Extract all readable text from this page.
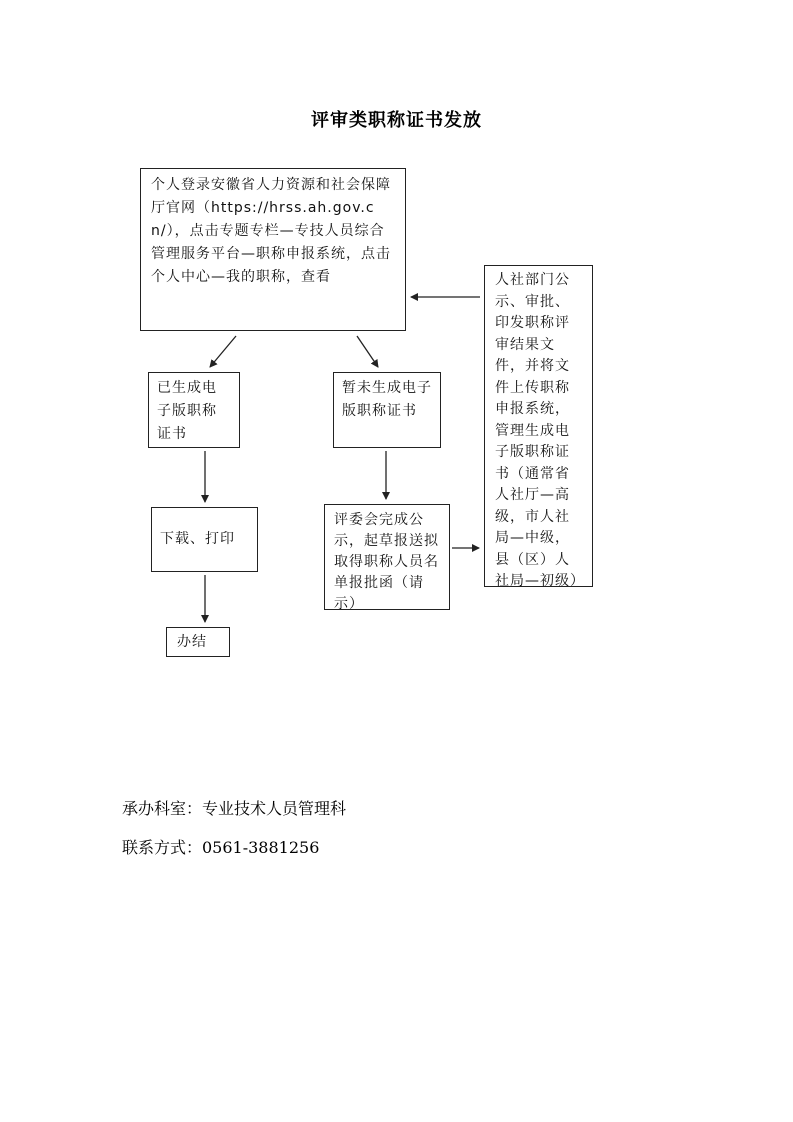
评审类职称证书发放
个人登录安徽省人力资源和社会保障厅官网（https://hrss.ah.gov.cn/），点击专题专栏—专技人员综合管理服务平台—职称申报系统，点击个人中心—我的职称，查看
已生成电子版职称证书
暂未生成电子版职称证书
下载、打印
评委会完成公示，起草报送拟取得职称人员名单报批函（请示）
办结
人社部门公示、审批、印发职称评审结果文件，并将文件上传职称申报系统，管理生成电子版职称证书（通常省人社厅—高级，市人社局—中级，县（区）人社局—初级）
承办科室：专业技术人员管理科
联系方式：0561-3881256
